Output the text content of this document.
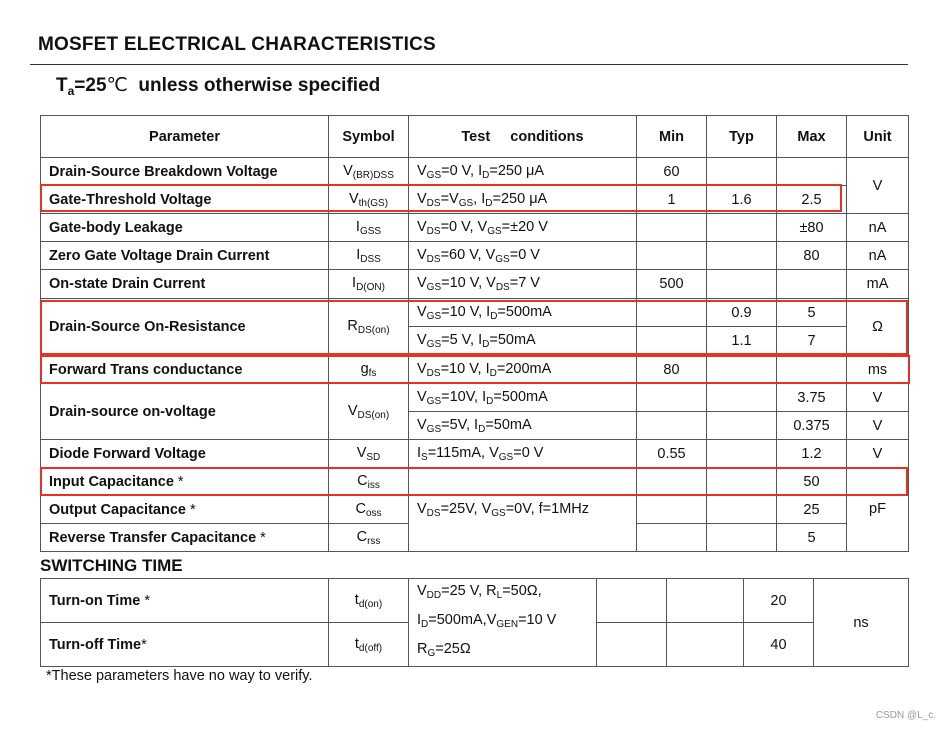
MOSFET ELECTRICAL CHARACTERISTICS
$T_a=25℃$  unless otherwise specified
Parameter	Symbol	Test     conditions	Min	Typ	Max	Unit
Drain-Source Breakdown Voltage	$V_{(BR)DSS}$	$V_{GS}=0$ V, $I_D=250$ μA	60			V
Gate-Threshold Voltage	$V_{th(GS)}$	$V_{DS}=V_{GS}$, $I_D=250$ μA	1	1.6	2.5	
Gate-body Leakage	$I_{GSS}$	$V_{DS}=0$ V, $V_{GS}=\pm 20$ V			±80	nA
Zero Gate Voltage Drain Current	$I_{DSS}$	$V_{DS}=60$ V, $V_{GS}=0$ V			80	nA
On-state Drain Current	$I_{D(ON)}$	$V_{GS}=10$ V, $V_{DS}=7$ V	500			mA
Drain-Source On-Resistance	$R_{DS(on)}$	$V_{GS}=10$ V, $I_D=500mA$		0.9	5	Ω
		$V_{GS}=5$ V, $I_D=50mA$		1.1	7	
Forward Trans conductance	$g_{fs}$	$V_{DS}=10$ V, $I_D=200mA$	80			ms
Drain-source on-voltage	$V_{DS(on)}$	$V_{GS}=10V$, $I_D=500mA$			3.75	V
		$V_{GS}=5V$, $I_D=50mA$			0.375	V
Diode Forward Voltage	$V_{SD}$	$I_S=115mA$, $V_{GS}=0$ V	0.55		1.2	V
Input Capacitance *	$C_{iss}$				50	
Output Capacitance *	$C_{oss}$	$V_{DS}=25V$, $V_{GS}=0V$, f=1MHz			25	pF
Reverse Transfer Capacitance *	$C_{rss}$				5	
SWITCHING TIME
Turn-on Time *	$t_{d(on)}$	$V_{DD}=25$ V, $R_L=50\Omega$,
$I_D=500mA,V_{GEN}=10$ V
$R_G=25\Omega$			20	ns
Turn-off Time*	$t_{d(off)}$				40	
*These parameters have no way to verify.
CSDN @L_c.
